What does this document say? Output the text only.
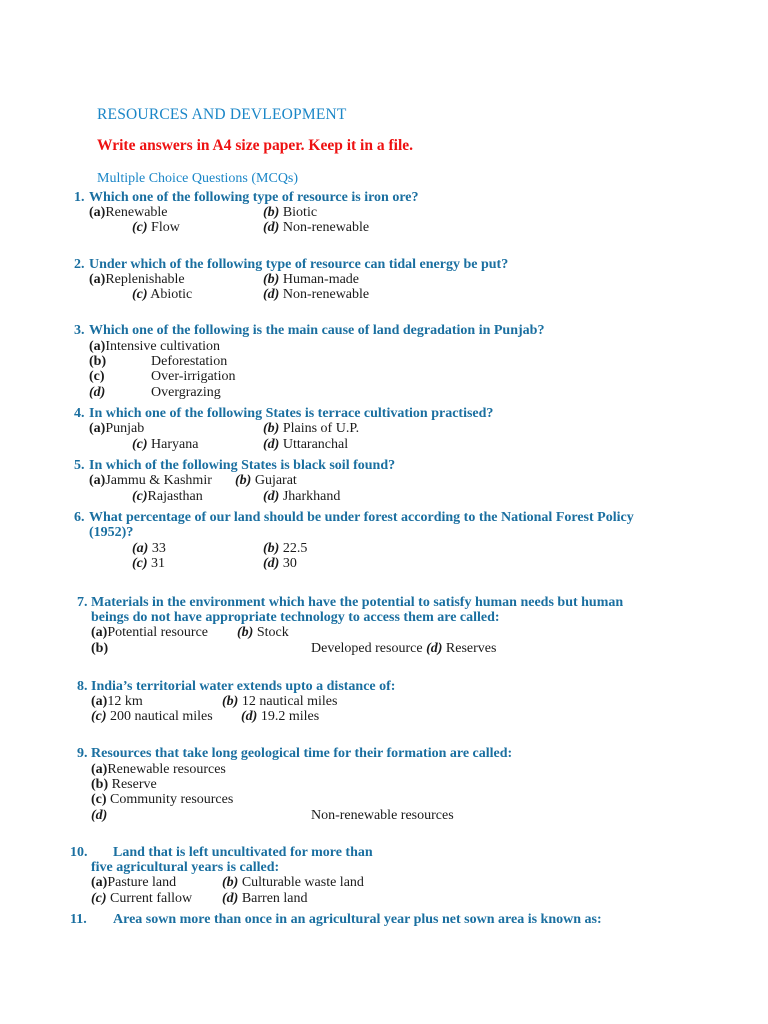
RESOURCES AND DEVLEOPMENT
Write answers in A4 size paper. Keep it in a file.
Multiple Choice Questions (MCQs)
1. Which one of the following type of resource is iron ore?
(a)Renewable	(b) Biotic
(c) Flow	(d) Non-renewable
2. Under which of the following type of resource can tidal energy be put?
(a)Replenishable	(b) Human-made
(c) Abiotic	(d) Non-renewable
3. Which one of the following is the main cause of land degradation in Punjab?
(a)Intensive cultivation
(b)	Deforestation
(c)	Over-irrigation
(d)	Overgrazing
4. In which one of the following States is terrace cultivation practised?
(a)Punjab	(b) Plains of U.P.
(c) Haryana	(d) Uttaranchal
5. In which of the following States is black soil found?
(a)Jammu & Kashmir (b) Gujarat
(c)Rajasthan	(d) Jharkhand
6. What percentage of our land should be under forest according to the National Forest Policy
(1952)?
(a) 33	(b) 22.5
(c) 31	(d) 30
7. Materials in the environment which have the potential to satisfy human needs but human
beings do not have appropriate technology to access them are called:
(a)Potential resource (b) Stock
(b)	Developed resource (d) Reserves
8. India’s territorial water extends upto a distance of:
(a)12 km	(b) 12 nautical miles
(c) 200 nautical miles (d) 19.2 miles
9. Resources that take long geological time for their formation are called:
(a)Renewable resources
(b) Reserve
(c) Community resources
(d)	Non-renewable resources
10. Land that is left uncultivated for more than
five agricultural years is called:
(a)Pasture land	(b) Culturable waste land
(c) Current fallow (d) Barren land
11. Area sown more than once in an agricultural year plus net sown area is known as:
